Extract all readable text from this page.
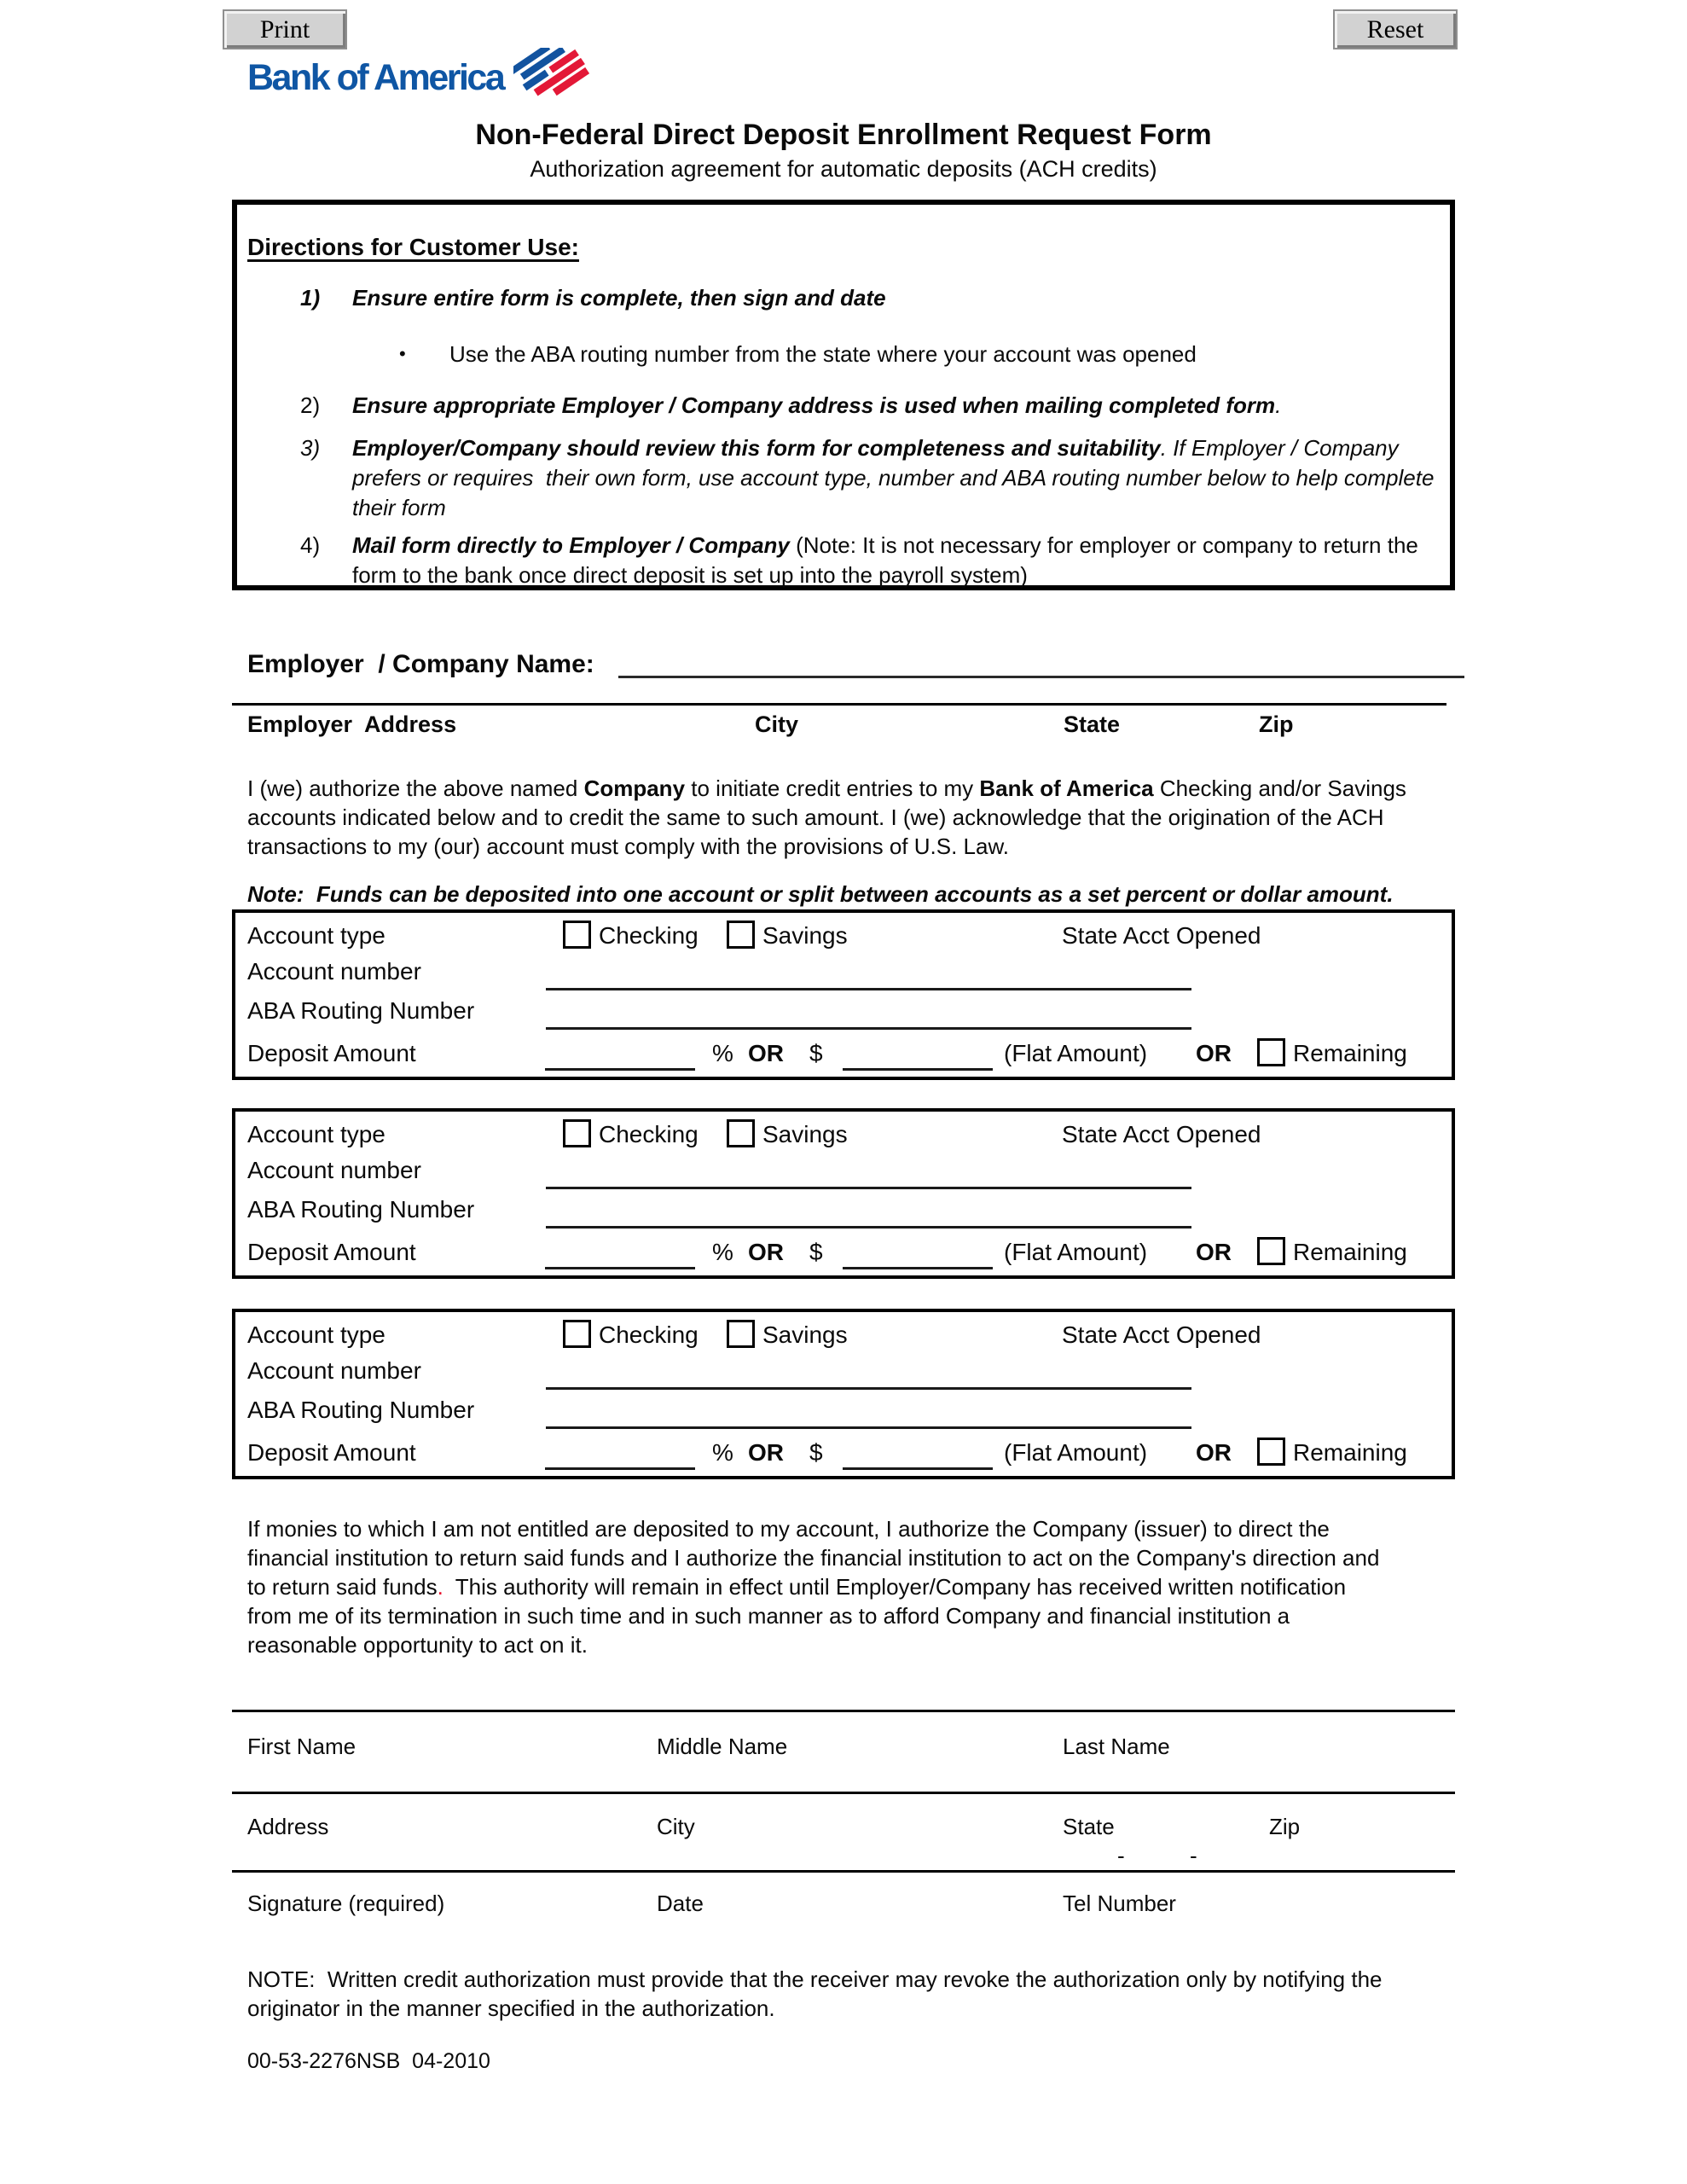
Print	Reset
Bank of America
Non-Federal Direct Deposit Enrollment Request Form
Authorization agreement for automatic deposits (ACH credits)
Directions for Customer Use:
1)	Ensure entire form is complete, then sign and date
•	Use the ABA routing number from the state where your account was opened
2)	Ensure appropriate Employer / Company address is used when mailing completed form.
3)	Employer/Company should review this form for completeness and suitability. If Employer / Company prefers or requires  their own form, use account type, number and ABA routing number below to help complete their form
4)	Mail form directly to Employer / Company (Note: It is not necessary for employer or company to return the form to the bank once direct deposit is set up into the payroll system)
Employer  / Company Name:
Employer  Address	City	State	Zip

I (we) authorize the above named Company to initiate credit entries to my Bank of America Checking and/or Savings accounts indicated below and to credit the same to such amount. I (we) acknowledge that the origination of the ACH transactions to my (our) account must comply with the provisions of U.S. Law.

Note:  Funds can be deposited into one account or split between accounts as a set percent or dollar amount.
Account type	Checking	Savings	State Acct Opened
Account number
ABA Routing Number
Deposit Amount	% OR $	(Flat Amount) OR	Remaining
Account type	Checking	Savings	State Acct Opened
Account number
ABA Routing Number
Deposit Amount	% OR $	(Flat Amount) OR	Remaining
Account type	Checking	Savings	State Acct Opened
Account number
ABA Routing Number
Deposit Amount	% OR $	(Flat Amount) OR	Remaining

If monies to which I am not entitled are deposited to my account, I authorize the Company (issuer) to direct the financial institution to return said funds and I authorize the financial institution to act on the Company's direction and to return said funds.  This authority will remain in effect until Employer/Company has received written notification from me of its termination in such time and in such manner as to afford Company and financial institution a reasonable opportunity to act on it.

First Name	Middle Name	Last Name
Address	City	State	Zip
-	-
Signature (required)	Date	Tel Number

NOTE:  Written credit authorization must provide that the receiver may revoke the authorization only by notifying the originator in the manner specified in the authorization.

00-53-2276NSB  04-2010
